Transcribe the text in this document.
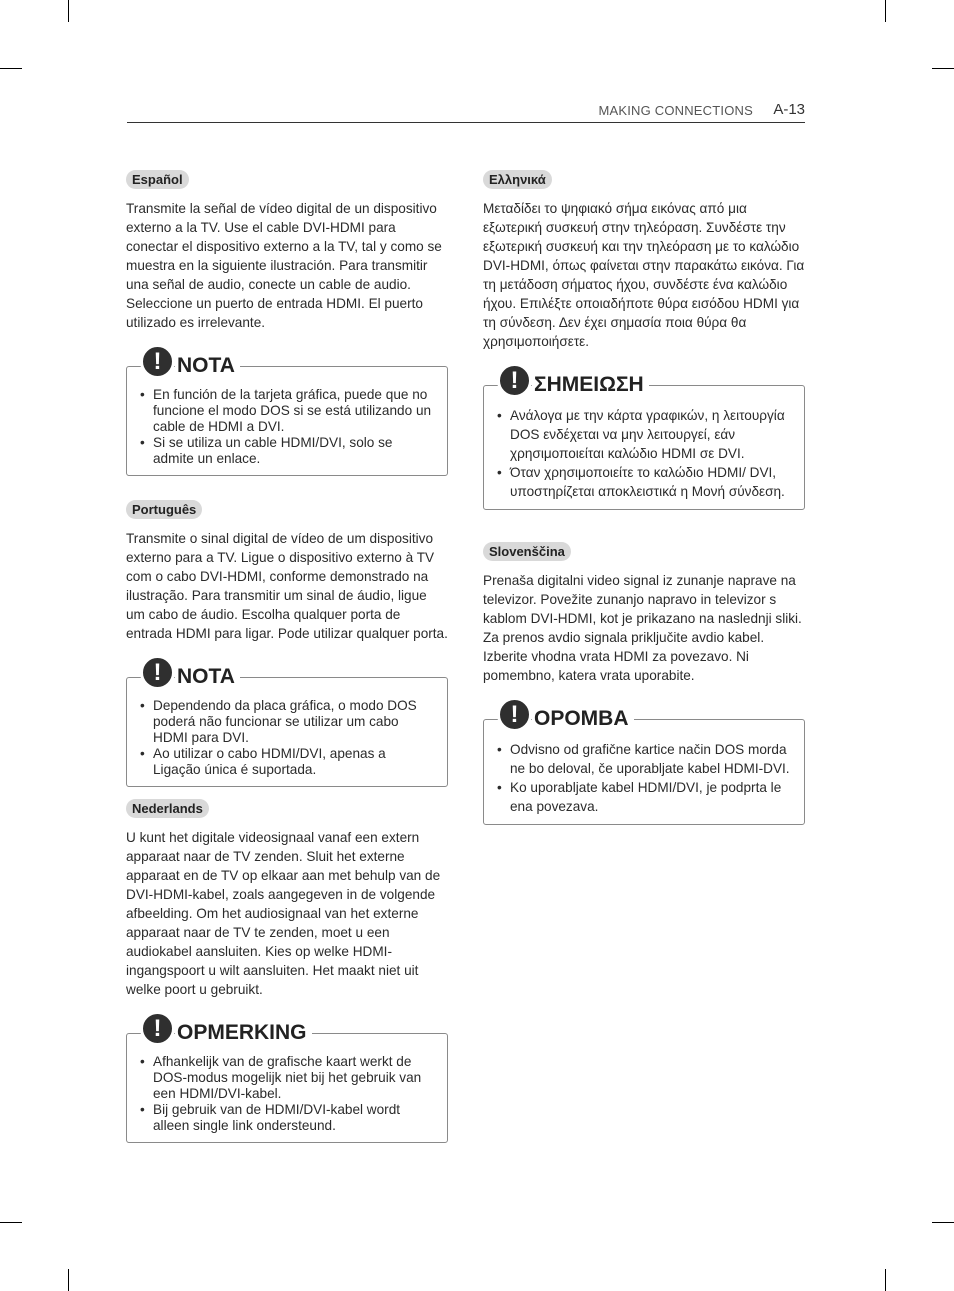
MAKING CONNECTIONS A-13
Español

Transmite la señal de vídeo digital de un dispositivo externo a la TV. Use el cable DVI-HDMI para conectar el dispositivo externo a la TV, tal y como se muestra en la siguiente ilustración. Para transmitir una señal de audio, conecte un cable de audio. Seleccione un puerto de entrada HDMI. El puerto utilizado es irrelevante.

! NOTA
• En función de la tarjeta gráfica, puede que no funcione el modo DOS si se está utilizando un cable de HDMI a DVI.
• Si se utiliza un cable HDMI/DVI, solo se admite un enlace.
Português

Transmite o sinal digital de vídeo de um dispositivo externo para a TV. Ligue o dispositivo externo à TV com o cabo DVI-HDMI, conforme demonstrado na ilustração. Para transmitir um sinal de áudio, ligue um cabo de áudio. Escolha qualquer porta de entrada HDMI para ligar. Pode utilizar qualquer porta.

! NOTA
• Dependendo da placa gráfica, o modo DOS poderá não funcionar se utilizar um cabo HDMI para DVI.
• Ao utilizar o cabo HDMI/DVI, apenas a Ligação única é suportada.
Nederlands

U kunt het digitale videosignaal vanaf een extern apparaat naar de TV zenden. Sluit het externe apparaat en de TV op elkaar aan met behulp van de DVI-HDMI-kabel, zoals aangegeven in de volgende afbeelding. Om het audiosignaal van het externe apparaat naar de TV te zenden, moet u een audiokabel aansluiten. Kies op welke HDMI-ingangspoort u wilt aansluiten. Het maakt niet uit welke poort u gebruikt.

! OPMERKING
• Afhankelijk van de grafische kaart werkt de DOS-modus mogelijk niet bij het gebruik van een HDMI/DVI-kabel.
• Bij gebruik van de HDMI/DVI-kabel wordt alleen single link ondersteund.
Ελληνικά

Μεταδίδει το ψηφιακό σήμα εικόνας από μια εξωτερική συσκευή στην τηλεόραση. Συνδέστε την εξωτερική συσκευή και την τηλεόραση με το καλώδιο DVI-HDMI, όπως φαίνεται στην παρακάτω εικόνα. Για τη μετάδοση σήματος ήχου, συνδέστε ένα καλώδιο ήχου. Επιλέξτε οποιαδήποτε θύρα εισόδου HDMI για τη σύνδεση. Δεν έχει σημασία ποια θύρα θα χρησιμοποιήσετε.

! ΣΗΜΕΙΩΣΗ
• Ανάλογα με την κάρτα γραφικών, η λειτουργία DOS ενδέχεται να μην λειτουργεί, εάν χρησιμοποιείται καλώδιο HDMI σε DVI.
• Όταν χρησιμοποιείτε το καλώδιο HDMI/ DVI, υποστηρίζεται αποκλειστικά η Μονή σύνδεση.
Slovenščina

Prenaša digitalni video signal iz zunanje naprave na televizor. Povežite zunanjo napravo in televizor s kablom DVI-HDMI, kot je prikazano na naslednji sliki. Za prenos avdio signala priključite avdio kabel. Izberite vhodna vrata HDMI za povezavo. Ni pomembno, katera vrata uporabite.

! OPOMBA
• Odvisno od grafične kartice način DOS morda ne bo deloval, če uporabljate kabel HDMI-DVI.
• Ko uporabljate kabel HDMI/DVI, je podprta le ena povezava.
